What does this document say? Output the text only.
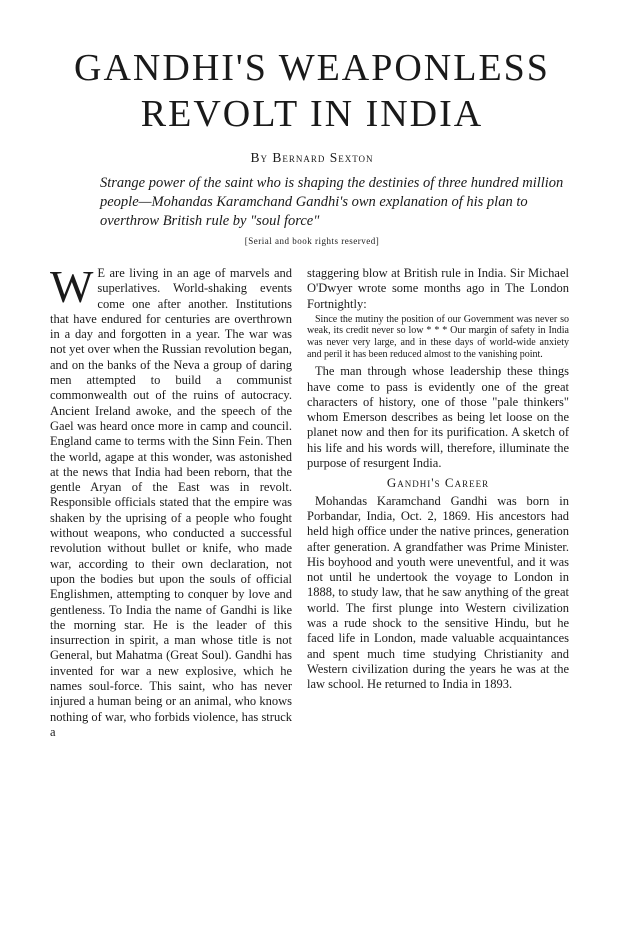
GANDHI'S WEAPONLESS
REVOLT IN INDIA
By Bernard Sexton

Strange power of the saint who is shaping the destinies of three hundred million people—Mohandas Karamchand Gandhi's own explanation of his plan to overthrow British rule by "soul force"

[Serial and book rights reserved]

W E are living in an age of marvels and superlatives. World-shaking events come one after another. Institutions that have endured for centuries are overthrown in a day and forgotten in a year. The war was not yet over when the Russian revolution began, and on the banks of the Neva a group of daring men attempted to build a communist commonwealth out of the ruins of autocracy. Ancient Ireland awoke, and the speech of the Gael was heard once more in camp and council. England came to terms with the Sinn Fein. Then the world, agape at this wonder, was astonished at the news that India had been reborn, that the gentle Aryan of the East was in revolt. Responsible officials stated that the empire was shaken by the uprising of a people who fought without weapons, who conducted a successful revolution without bullet or knife, who made war, according to their own declaration, not upon the bodies but upon the souls of official Englishmen, attempting to conquer by love and gentleness. To India the name of Gandhi is like the morning star. He is the leader of this insurrection in spirit, a man whose title is not General, but Mahatma (Great Soul). Gandhi has invented for war a new explosive, which he names soul-force. This saint, who has never injured a human being or an animal, who knows nothing of war, who forbids violence, has struck a

staggering blow at British rule in India. Sir Michael O'Dwyer wrote some months ago in The London Fortnightly:

Since the mutiny the position of our Government was never so weak, its credit never so low * * * Our margin of safety in India was never very large, and in these days of world-wide anxiety and peril it has been reduced almost to the vanishing point.

The man through whose leadership these things have come to pass is evidently one of the great characters of history, one of those "pale thinkers" whom Emerson describes as being let loose on the planet now and then for its purification. A sketch of his life and his words will, therefore, illuminate the purpose of resurgent India.

Gandhi's Career

Mohandas Karamchand Gandhi was born in Porbandar, India, Oct. 2, 1869. His ancestors had held high office under the native princes, generation after generation. A grandfather was Prime Minister. His boyhood and youth were uneventful, and it was not until he undertook the voyage to London in 1888, to study law, that he saw anything of the great world. The first plunge into Western civilization was a rude shock to the sensitive Hindu, but he faced life in London, made valuable acquaintances and spent much time studying Christianity and Western civilization during the years he was at the law school. He returned to India in 1893.
